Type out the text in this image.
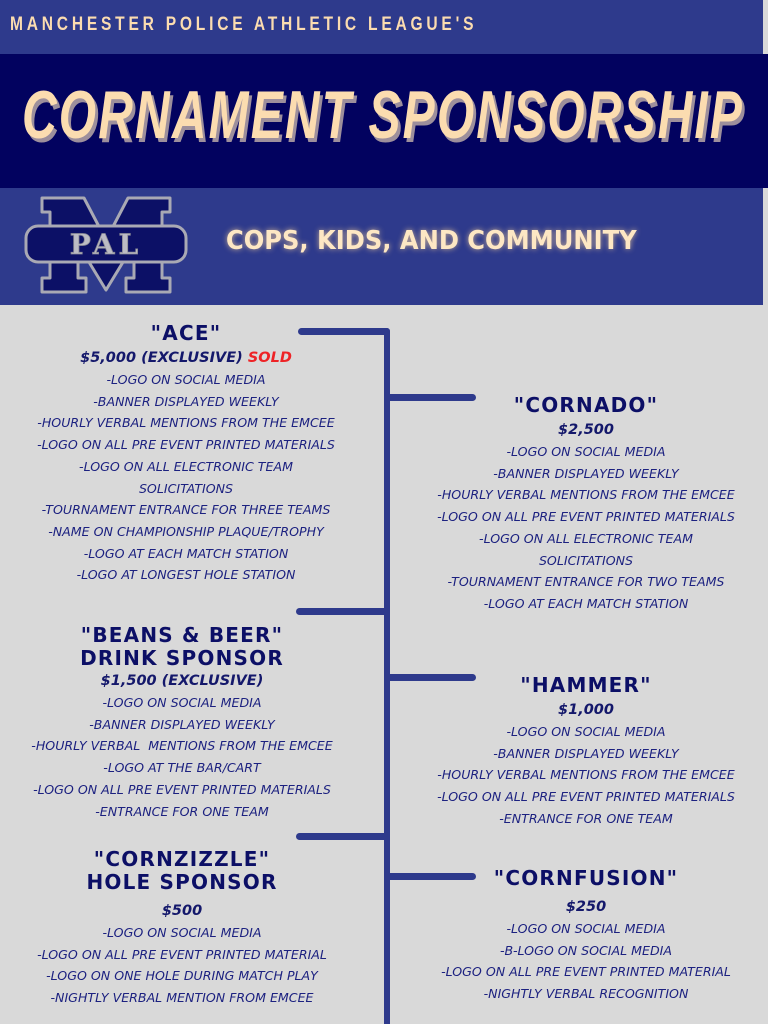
MANCHESTER POLICE ATHLETIC LEAGUE'S
CORNAMENT SPONSORSHIP
PAL	COPS, KIDS, AND COMMUNITY
"ACE"
$5,000 (EXCLUSIVE) SOLD
-LOGO ON SOCIAL MEDIA
-BANNER DISPLAYED WEEKLY
-HOURLY VERBAL MENTIONS FROM THE EMCEE
-LOGO ON ALL PRE EVENT PRINTED MATERIALS
-LOGO ON ALL ELECTRONIC TEAM
SOLICITATIONS
-TOURNAMENT ENTRANCE FOR THREE TEAMS
-NAME ON CHAMPIONSHIP PLAQUE/TROPHY
-LOGO AT EACH MATCH STATION
-LOGO AT LONGEST HOLE STATION
"CORNADO"
$2,500
-LOGO ON SOCIAL MEDIA
-BANNER DISPLAYED WEEKLY
-HOURLY VERBAL MENTIONS FROM THE EMCEE
-LOGO ON ALL PRE EVENT PRINTED MATERIALS
-LOGO ON ALL ELECTRONIC TEAM
SOLICITATIONS
-TOURNAMENT ENTRANCE FOR TWO TEAMS
-LOGO AT EACH MATCH STATION
"BEANS & BEER"
DRINK SPONSOR
$1,500 (EXCLUSIVE)
-LOGO ON SOCIAL MEDIA
-BANNER DISPLAYED WEEKLY
-HOURLY VERBAL  MENTIONS FROM THE EMCEE
-LOGO AT THE BAR/CART
-LOGO ON ALL PRE EVENT PRINTED MATERIALS
-ENTRANCE FOR ONE TEAM
"HAMMER"
$1,000
-LOGO ON SOCIAL MEDIA
-BANNER DISPLAYED WEEKLY
-HOURLY VERBAL MENTIONS FROM THE EMCEE
-LOGO ON ALL PRE EVENT PRINTED MATERIALS
-ENTRANCE FOR ONE TEAM
"CORNZIZZLE"
HOLE SPONSOR
$500
-LOGO ON SOCIAL MEDIA
-LOGO ON ALL PRE EVENT PRINTED MATERIAL
-LOGO ON ONE HOLE DURING MATCH PLAY
-NIGHTLY VERBAL MENTION FROM EMCEE
"CORNFUSION"
$250
-LOGO ON SOCIAL MEDIA
-B-LOGO ON SOCIAL MEDIA
-LOGO ON ALL PRE EVENT PRINTED MATERIAL
-NIGHTLY VERBAL RECOGNITION
